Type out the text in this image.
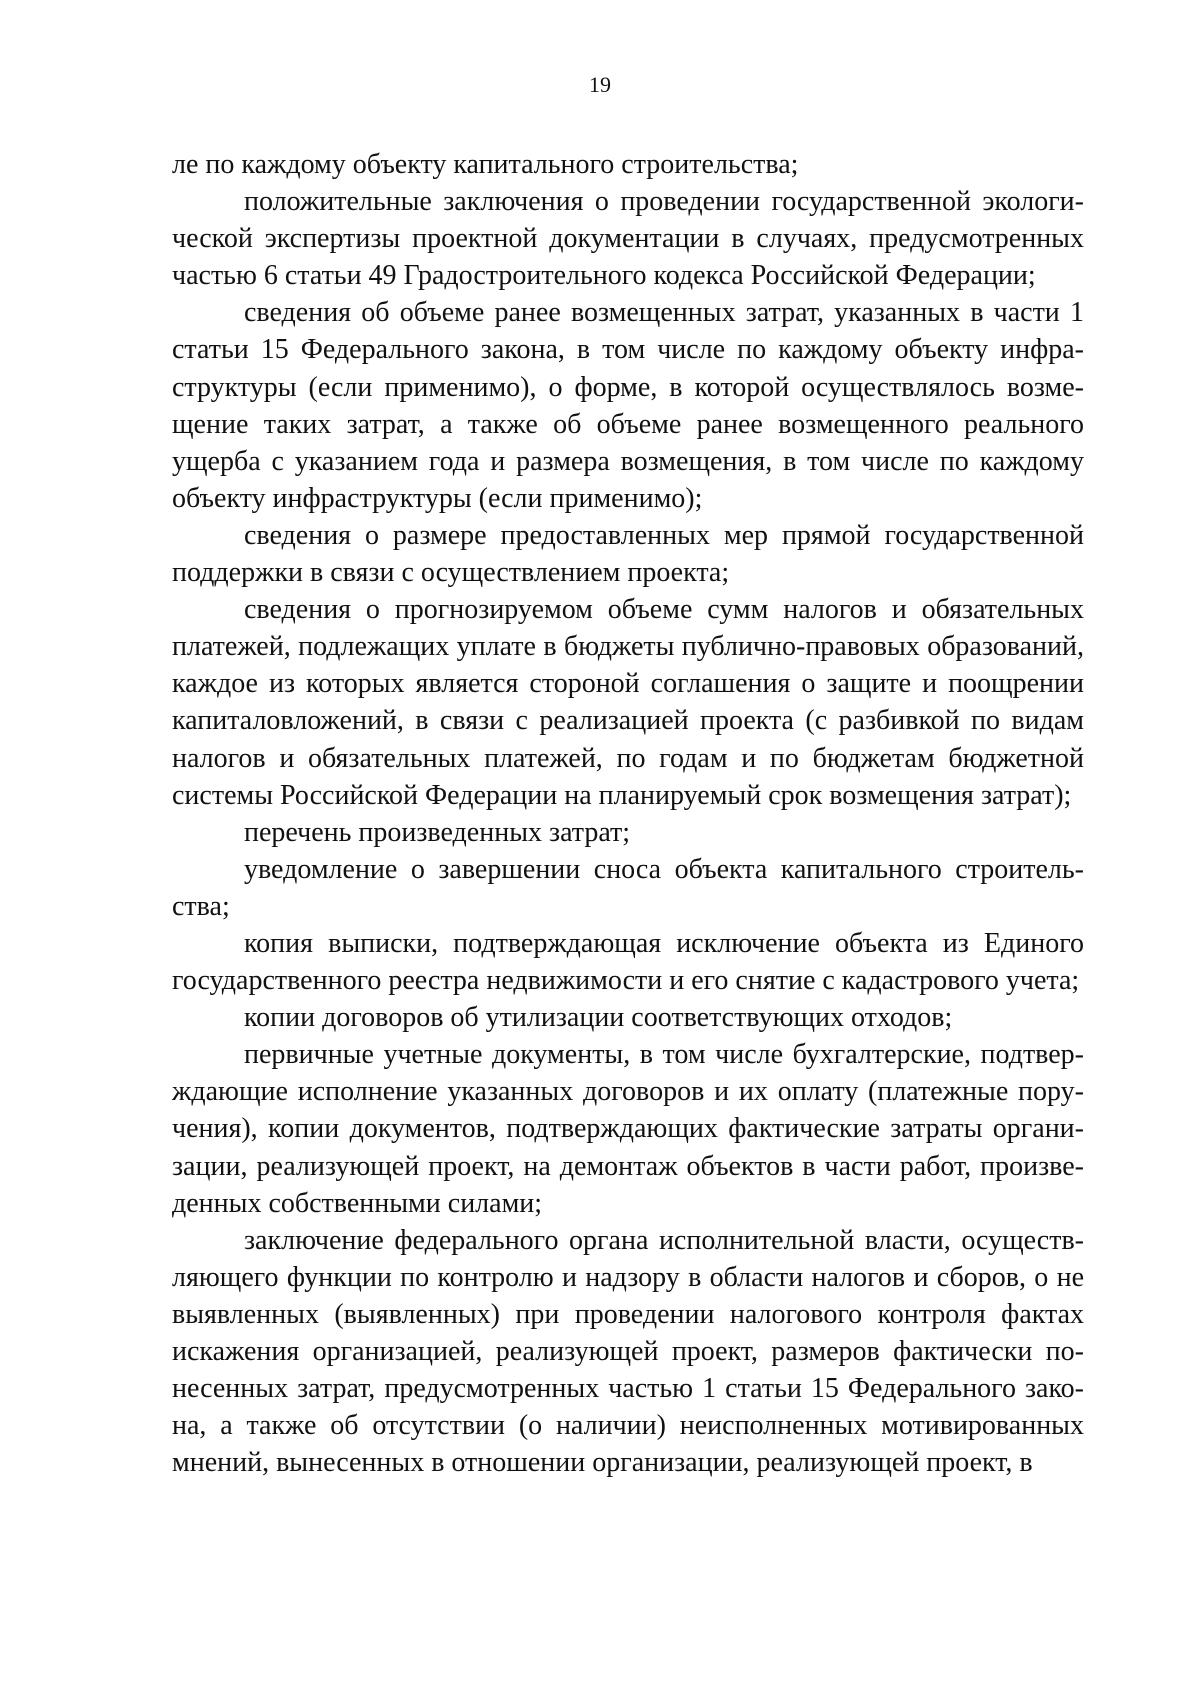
19

ле по каждому объекту капитального строительства;

положительные заключения о проведении государственной экологической экспертизы проектной документации в случаях, предусмотренных частью 6 статьи 49 Градостроительного кодекса Российской Федерации;

сведения об объеме ранее возмещенных затрат, указанных в части 1 статьи 15 Федерального закона, в том числе по каждому объекту инфраструктуры (если применимо), о форме, в которой осуществлялось возмещение таких затрат, а также об объеме ранее возмещенного реального ущерба с указанием года и размера возмещения, в том числе по каждому объекту инфраструктуры (если применимо);

сведения о размере предоставленных мер прямой государственной поддержки в связи с осуществлением проекта;

сведения о прогнозируемом объеме сумм налогов и обязательных платежей, подлежащих уплате в бюджеты публично-правовых образований, каждое из которых является стороной соглашения о защите и поощрении капиталовложений, в связи с реализацией проекта (с разбивкой по видам налогов и обязательных платежей, по годам и по бюджетам бюджетной системы Российской Федерации на планируемый срок возмещения затрат);

перечень произведенных затрат;

уведомление о завершении сноса объекта капитального строительства;

копия выписки, подтверждающая исключение объекта из Единого государственного реестра недвижимости и его снятие с кадастрового учета;

копии договоров об утилизации соответствующих отходов;

первичные учетные документы, в том числе бухгалтерские, подтверждающие исполнение указанных договоров и их оплату (платежные поручения), копии документов, подтверждающих фактические затраты организации, реализующей проект, на демонтаж объектов в части работ, произведенных собственными силами;

заключение федерального органа исполнительной власти, осуществляющего функции по контролю и надзору в области налогов и сборов, о не выявленных (выявленных) при проведении налогового контроля фактах искажения организацией, реализующей проект, размеров фактически понесенных затрат, предусмотренных частью 1 статьи 15 Федерального закона, а также об отсутствии (о наличии) неисполненных мотивированных мнений, вынесенных в отношении организации, реализующей проект, в
